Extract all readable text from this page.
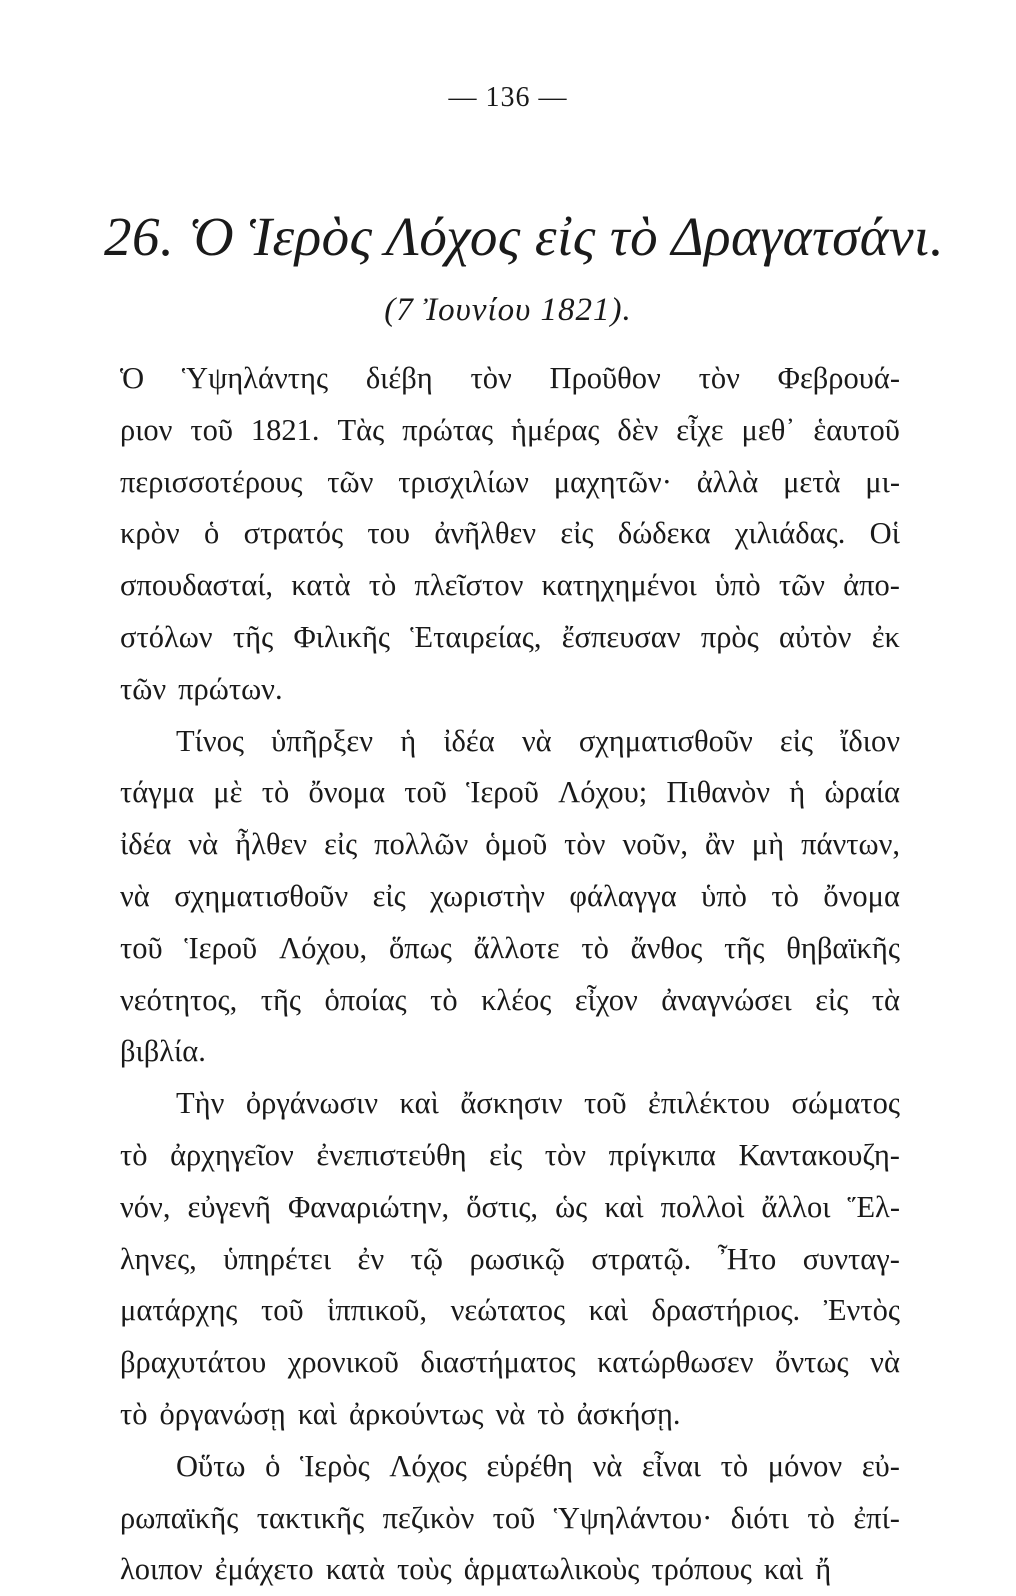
— 136 —
26. Ὁ Ἱερὸς Λόχος εἰς τὸ Δραγατσάνι.
(7 Ἰουνίου 1821).
Ὁ Ὑψηλάντης διέβη τὸν Προῦθον τὸν Φεβρουά-
ριον τοῦ 1821. Τὰς πρώτας ἡμέρας δὲν εἶχε μεθ᾽ ἑαυτοῦ
περισσοτέρους τῶν τρισχιλίων μαχητῶν· ἀλλὰ μετὰ μι-
κρὸν ὁ στρατός του ἀνῆλθεν εἰς δώδεκα χιλιάδας. Οἱ
σπουδασταί, κατὰ τὸ πλεῖστον κατηχημένοι ὑπὸ τῶν ἀπο-
στόλων τῆς Φιλικῆς Ἑταιρείας, ἔσπευσαν πρὸς αὐτὸν ἐκ
τῶν πρώτων.
Τίνος ὑπῆρξεν ἡ ἰδέα νὰ σχηματισθοῦν εἰς ἴδιον
τάγμα μὲ τὸ ὄνομα τοῦ Ἱεροῦ Λόχου; Πιθανὸν ἡ ὡραία
ἰδέα νὰ ἦλθεν εἰς πολλῶν ὁμοῦ τὸν νοῦν, ἂν μὴ πάντων,
νὰ σχηματισθοῦν εἰς χωριστὴν φάλαγγα ὑπὸ τὸ ὄνομα
τοῦ Ἱεροῦ Λόχου, ὅπως ἄλλοτε τὸ ἄνθος τῆς θηβαϊκῆς
νεότητος, τῆς ὁποίας τὸ κλέος εἶχον ἀναγνώσει εἰς τὰ
βιβλία.
Τὴν ὀργάνωσιν καὶ ἄσκησιν τοῦ ἐπιλέκτου σώματος
τὸ ἀρχηγεῖον ἐνεπιστεύθη εἰς τὸν πρίγκιπα Καντακουζη-
νόν, εὐγενῆ Φαναριώτην, ὅστις, ὡς καὶ πολλοὶ ἄλλοι Ἕλ-
ληνες, ὑπηρέτει ἐν τῷ ρωσικῷ στρατῷ. Ἦτο συνταγ-
ματάρχης τοῦ ἱππικοῦ, νεώτατος καὶ δραστήριος. Ἐντὸς
βραχυτάτου χρονικοῦ διαστήματος κατώρθωσεν ὄντως νὰ
τὸ ὀργανώσῃ καὶ ἀρκούντως νὰ τὸ ἀσκήσῃ.
Οὕτω ὁ Ἱερὸς Λόχος εὑρέθη νὰ εἶναι τὸ μόνον εὐ-
ρωπαϊκῆς τακτικῆς πεζικὸν τοῦ Ὑψηλάντου· διότι τὸ ἐπί-
λοιπον ἐμάχετο κατὰ τοὺς ἁρματωλικοὺς τρόπους καὶ ἤ
